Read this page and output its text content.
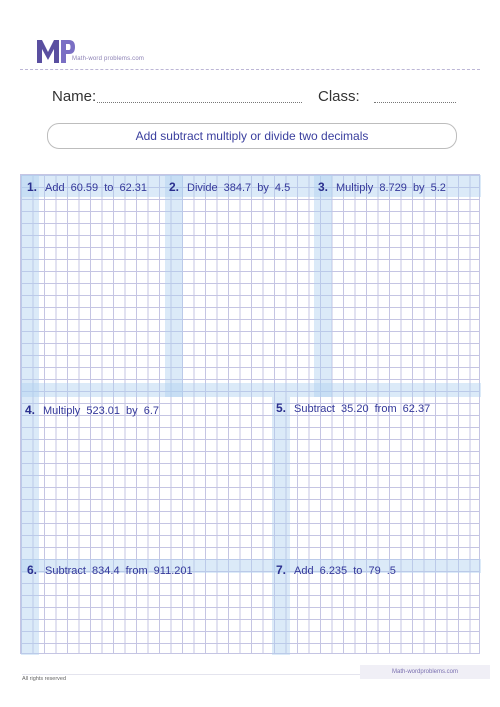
Math-word problems.com
Name:	Class:
Add subtract multiply or divide two decimals
1. Add 60.59 to 62.31 2. Divide 384.7 by 4.5 3. Multiply 8.729 by 5.2
4. Multiply 523.01 by 6.7	5. Subtract 35.20 from 62.37
6. Subtract 834.4 from 911.201	7. Add 6.235 to 79 .5
All rights reserved
Math-wordproblems.com
